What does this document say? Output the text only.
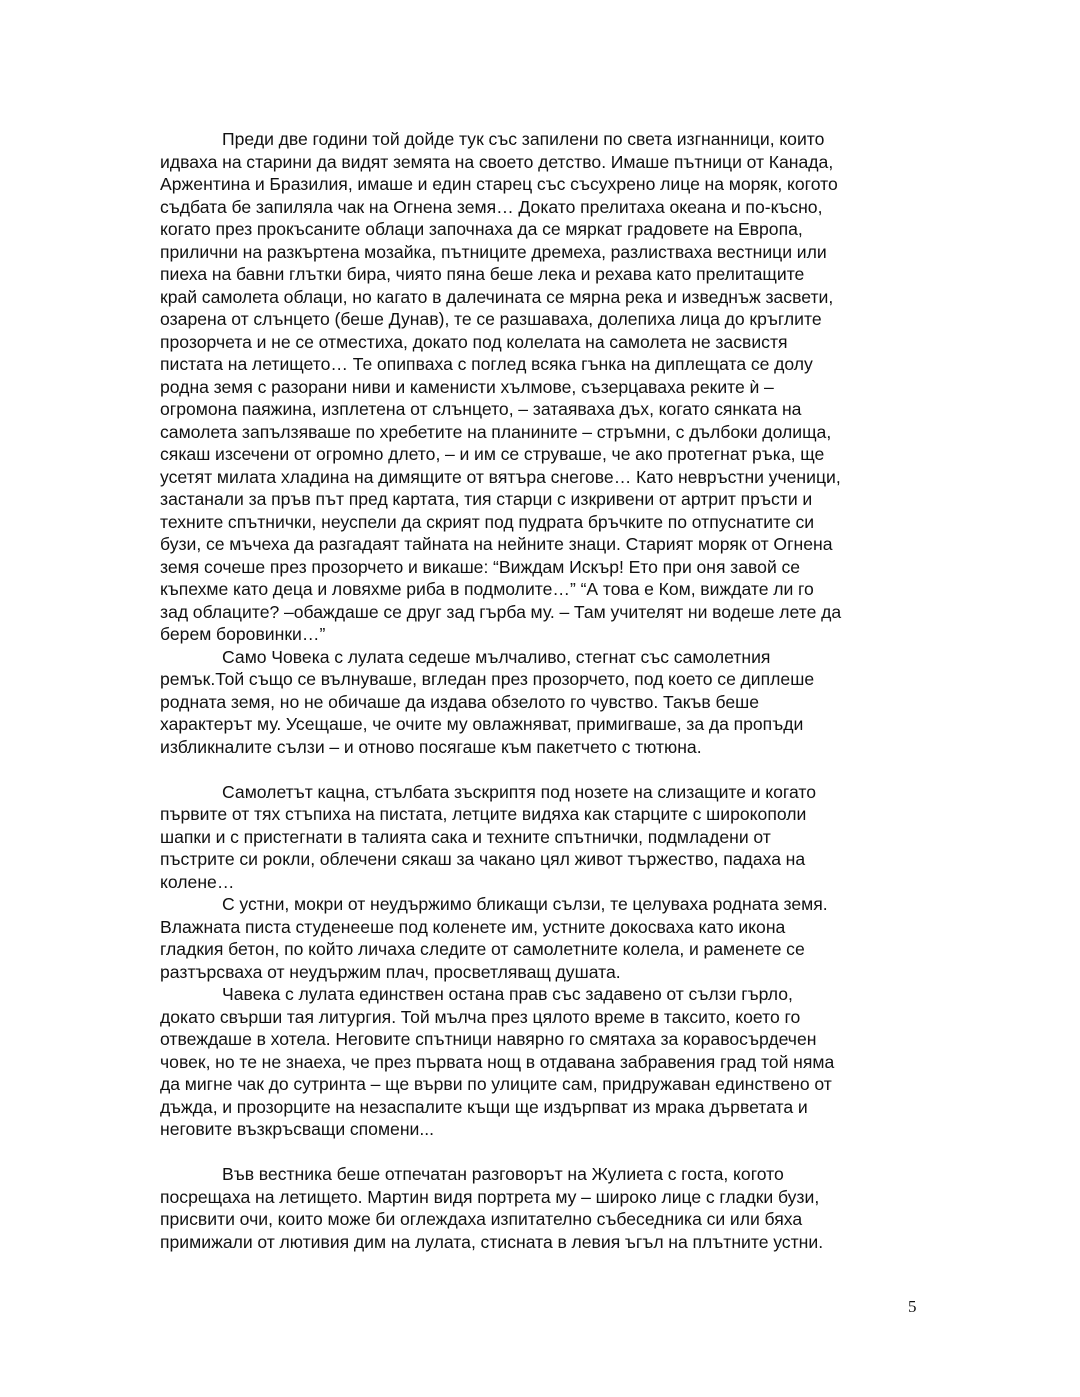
Преди две години той дойде тук със запилени по света изгнанници, които
идваха на старини да видят земята на своето детство. Имаше пътници от Канада,
Аржентина и Бразилия, имаше и един старец със съсухрено лице на моряк, когото
съдбата бе запиляла чак на Огнена земя… Докато прелитаха океана и по-късно,
когато през прокъсаните облаци започнаха да се мяркат градовете на Европа,
прилични на разкъртена мозайка, пътниците дремеха, разлистваха вестници или
пиеха на бавни глътки бира, чиято пяна беше лека и рехава като прелитащите
край самолета облаци, но кагато в далечината се мярна река и изведнъж засвети,
озарена от слънцето (беше Дунав), те се разшаваха, долепиха лица до кръглите
прозорчета и не се отместиха, докато под колелата на самолета не засвистя
пистата на летището… Те опипваха с поглед всяка гънка на диплещата се долу
родна земя с разорани ниви и каменисти хълмове, съзерцаваха реките ѝ –
огромона паяжина, изплетена от слънцето, – затаяваха дъх, когато сянката на
самолета запълзяваше по хребетите на планините – стръмни, с дълбоки долища,
сякаш изсечени от огромно длето, – и им се струваше, че ако протегнат ръка, ще
усетят милата хладина на димящите от вятъра снегове… Като невръстни ученици,
застанали за пръв път пред картата, тия старци с изкривени от артрит пръсти и
техните спътнички, неуспели да скрият под пудрата бръчките по отпуснатите си
бузи, се мъчеха да разгадаят тайната на нейните знаци. Старият моряк от Огнена
земя сочеше през прозорчето и викаше: “Виждам Искър! Ето при оня завой се
къпехме като деца и ловяхме риба в подмолите…” “А това е Ком, виждате ли го
зад облаците? –обаждаше се друг зад гърба му. – Там учителят ни водеше лете да
берем боровинки…”
Само Човека с лулата седеше мълчаливо, стегнат със самолетния
ремък.Той също се вълнуваше, вгледан през прозорчето, под което се диплеше
родната земя, но не обичаше да издава обзелото го чувство. Такъв беше
характерът му. Усещаше, че очите му овлажняват, примигваше, за да пропъди
избликналите сълзи – и отново посягаше към пакетчето с тютюна.
Самолетът кацна, стълбата зъскриптя под нозете на слизащите и когато
първите от тях стъпиха на пистата, летците видяха как старците с широкополи
шапки и с пристегнати в талията сака и техните спътнички, подмладени от
пъстрите си рокли, облечени сякаш за чакано цял живот тържество, падаха на
колене…
С устни, мокри от неудържимо бликащи сълзи, те целуваха родната земя.
Влажната писта студенееше под коленете им, устните докосваха като икона
гладкия бетон, по който личаха следите от самолетните колела, и раменете се
разтърсваха от неудържим плач, просветляващ душата.
Чавека с лулата единствен остана прав със задавено от сълзи гърло,
докато свърши тая литургия. Той мълча през цялото време в таксито, което го
отвеждаше в хотела. Неговите спътници навярно го смятаха за коравосърдечен
човек, но те не знаеха, че през първата нощ в отдавана забравения град той няма
да мигне чак до сутринта – ще върви по улиците сам, придружаван единствено от
дъжда, и прозорците на незаспалите къщи ще издърпват из мрака дърветата и
неговите възкръсващи спомени...
Във вестника беше отпечатан разговорът на Жулиета с госта, когото
посрещаха на летището. Мартин видя портрета му – широко лице с гладки бузи,
присвити очи, които може би оглеждаха изпитателно събеседника си или бяха
примижали от лютивия дим на лулата, стисната в левия ъгъл на плътните устни.
5
